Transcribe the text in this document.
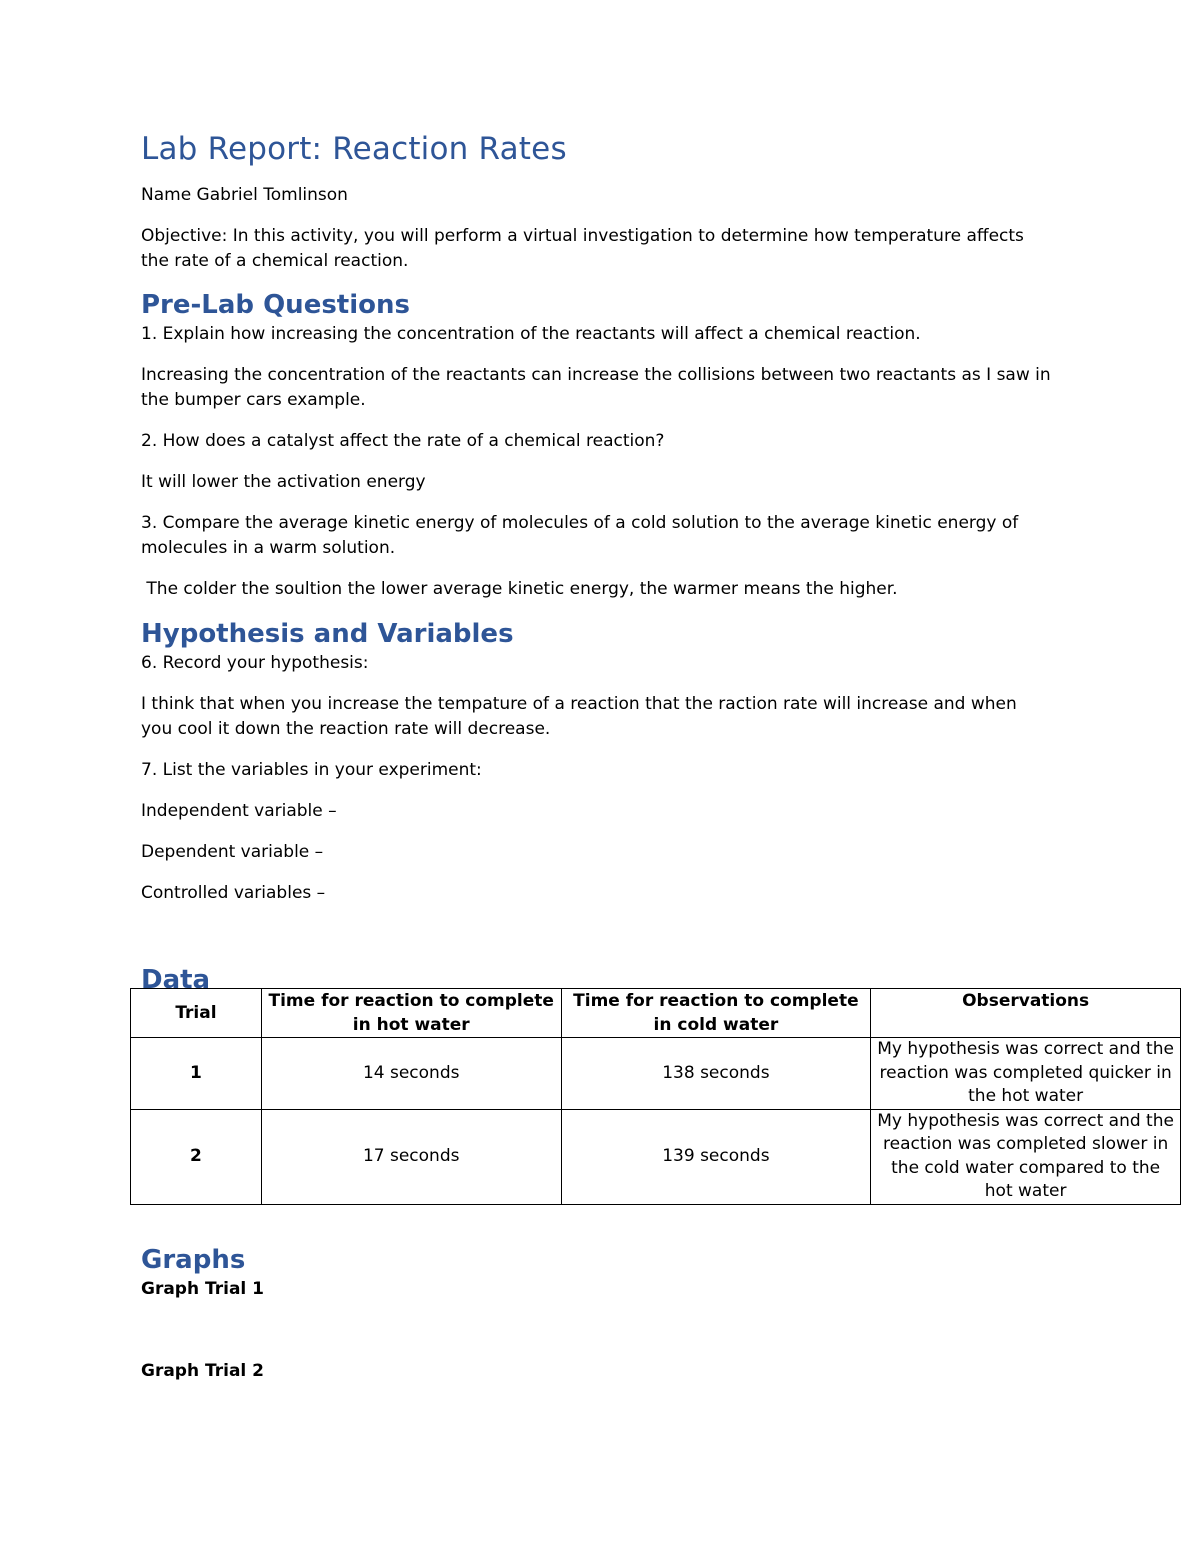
Lab Report: Reaction Rates

Name Gabriel Tomlinson

Objective: In this activity, you will perform a virtual investigation to determine how temperature affects the rate of a chemical reaction.

Pre-Lab Questions

1. Explain how increasing the concentration of the reactants will affect a chemical reaction.

Increasing the concentration of the reactants can increase the collisions between two reactants as I saw in the bumper cars example.

2. How does a catalyst affect the rate of a chemical reaction?

It will lower the activation energy

3. Compare the average kinetic energy of molecules of a cold solution to the average kinetic energy of molecules in a warm solution.

The colder the soultion the lower average kinetic energy, the warmer means the higher.

Hypothesis and Variables

6. Record your hypothesis:

I think that when you increase the tempature of a reaction that the raction rate will increase and when you cool it down the reaction rate will decrease.

7. List the variables in your experiment:

Independent variable –

Dependent variable –

Controlled variables –

Data
Trial	Time for reaction to complete in hot water	Time for reaction to complete in cold water	Observations
1	14 seconds	138 seconds	My hypothesis was correct and the reaction was completed quicker in the hot water
2	17 seconds	139 seconds	My hypothesis was correct and the reaction was completed slower in the cold water compared to the hot water
Graphs

Graph Trial 1

Graph Trial 2
